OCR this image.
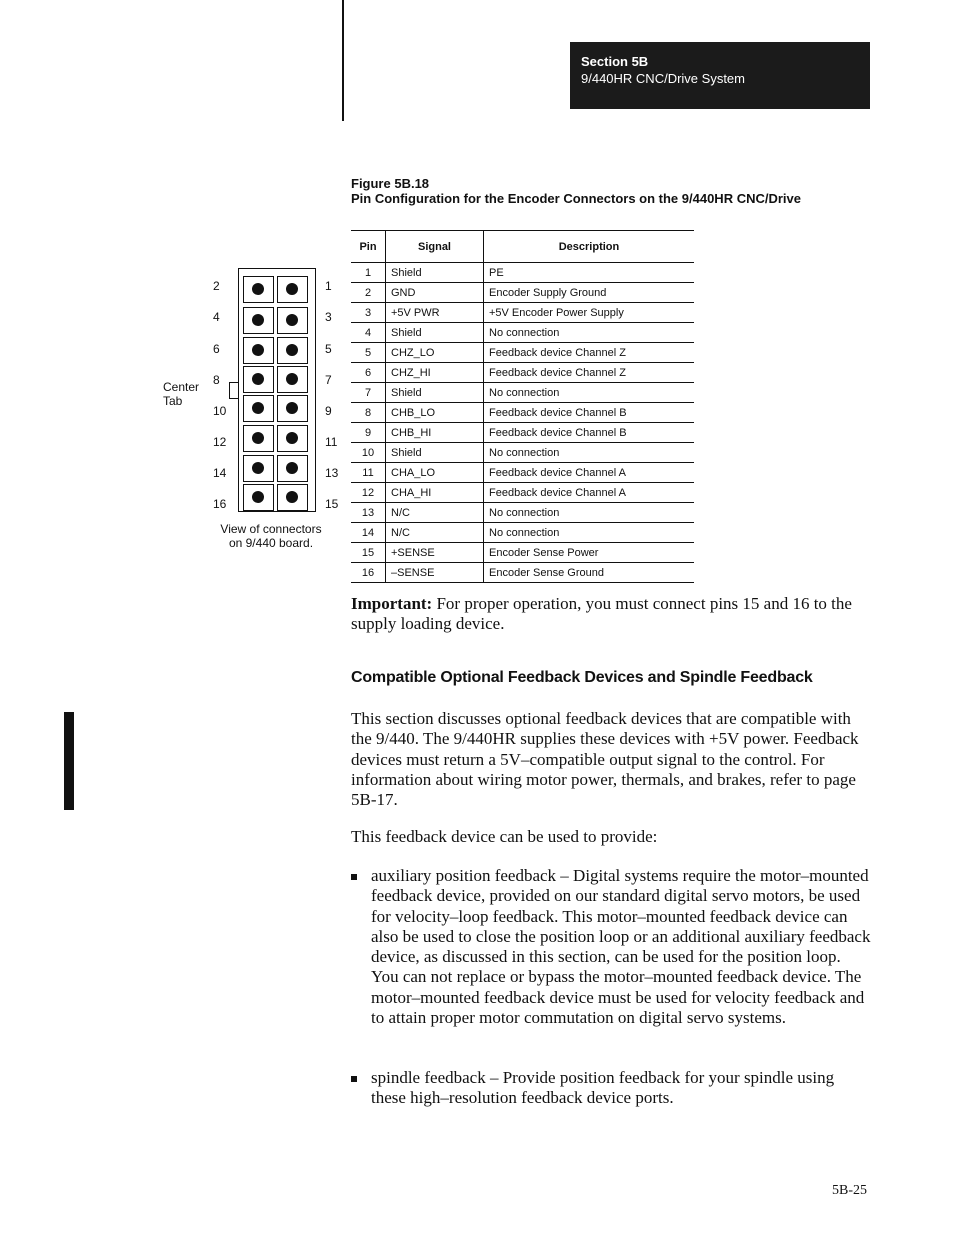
Section 5B
9/440HR CNC/Drive System
Figure 5B.18
Pin Configuration for the Encoder Connectors on the 9/440HR CNC/Drive
2
4
6
8
10
12
14
16
1
3
5
7
9
11
13
15
Center
Tab
View of connectors
on 9/440 board.
Pin	Signal	Description
1	Shield	PE
2	GND	Encoder Supply Ground
3	+5V PWR	+5V Encoder Power Supply
4	Shield	No connection
5	CHZ_LO	Feedback device Channel Z
6	CHZ_HI	Feedback device Channel Z
7	Shield	No connection
8	CHB_LO	Feedback device Channel B
9	CHB_HI	Feedback device Channel B
10	Shield	No connection
11	CHA_LO	Feedback device Channel A
12	CHA_HI	Feedback device Channel A
13	N/C	No connection
14	N/C	No connection
15	+SENSE	Encoder Sense Power
16	–SENSE	Encoder Sense Ground
Important: For proper operation, you must connect pins 15 and 16 to the supply loading device.
Compatible Optional Feedback Devices and Spindle Feedback

This section discusses optional feedback devices that are compatible with the 9/440. The 9/440HR supplies these devices with +5V power. Feedback devices must return a 5V–compatible output signal to the control. For information about wiring motor power, thermals, and brakes, refer to page 5B-17.

This feedback device can be used to provide:

auxiliary position feedback – Digital systems require the motor–mounted feedback device, provided on our standard digital servo motors, be used for velocity–loop feedback. This motor–mounted feedback device can also be used to close the position loop or an additional auxiliary feedback device, as discussed in this section, can be used for the position loop. You can not replace or bypass the motor–mounted feedback device. The motor–mounted feedback device must be used for velocity feedback and to attain proper motor commutation on digital servo systems.

spindle feedback – Provide position feedback for your spindle using these high–resolution feedback device ports.

5B-25
